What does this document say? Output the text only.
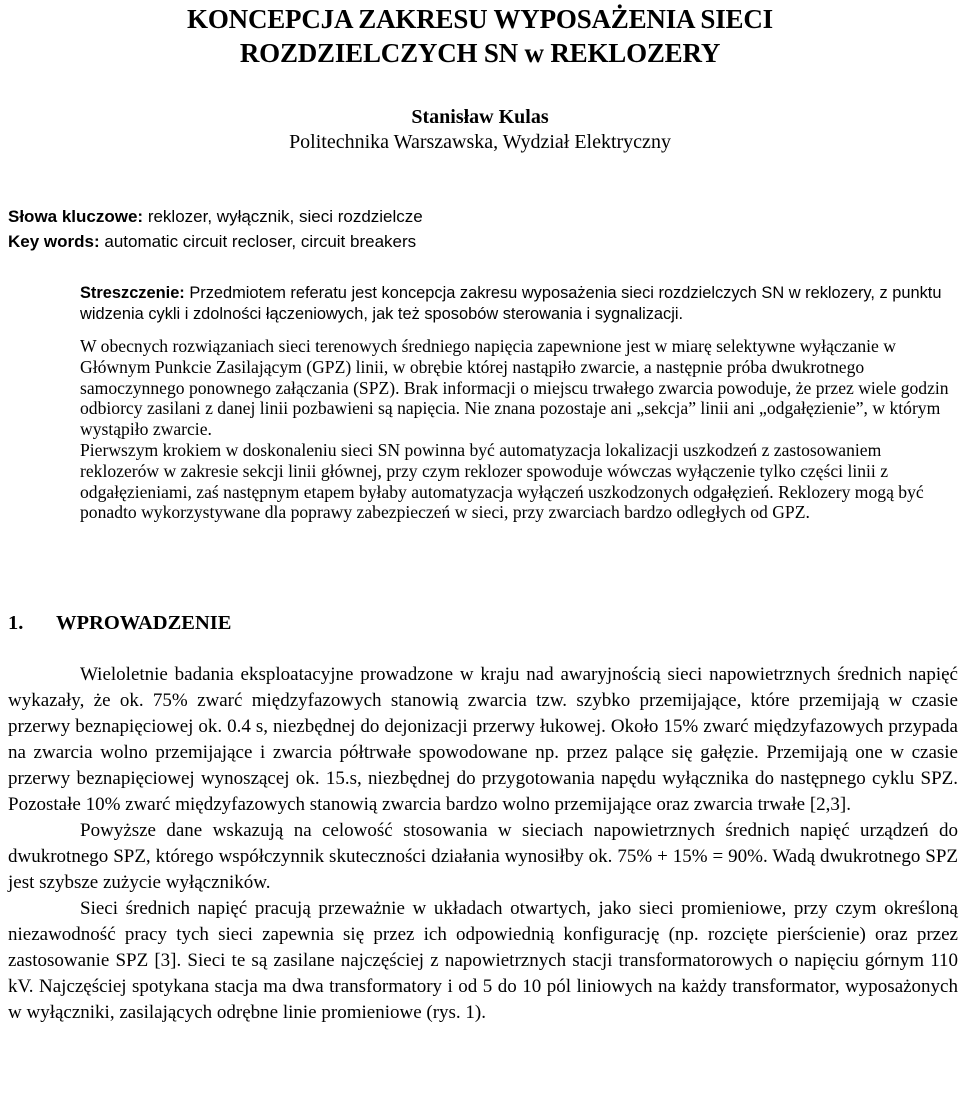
KONCEPCJA ZAKRESU WYPOSAŻENIA SIECI
ROZDZIELCZYCH SN w REKLOZERY
Stanisław Kulas
Politechnika Warszawska, Wydział Elektryczny
Słowa kluczowe: reklozer, wyłącznik, sieci rozdzielcze
Key words: automatic circuit recloser, circuit breakers
Streszczenie: Przedmiotem referatu jest koncepcja zakresu wyposażenia sieci rozdzielczych SN w reklozery, z punktu widzenia cykli i zdolności łączeniowych, jak też sposobów sterowania i sygnalizacji.

W obecnych rozwiązaniach sieci terenowych średniego napięcia zapewnione jest w miarę selektywne wyłączanie w Głównym Punkcie Zasilającym (GPZ) linii, w obrębie której nastąpiło zwarcie, a następnie próba dwukrotnego samoczynnego ponownego załączania (SPZ). Brak informacji o miejscu trwałego zwarcia powoduje, że przez wiele godzin odbiorcy zasilani z danej linii pozbawieni są napięcia. Nie znana pozostaje ani „sekcja” linii ani „odgałęzienie”, w którym wystąpiło zwarcie.

Pierwszym krokiem w doskonaleniu sieci SN powinna być automatyzacja lokalizacji uszkodzeń z zastosowaniem reklozerów w zakresie sekcji linii głównej, przy czym reklozer spowoduje wówczas wyłączenie tylko części linii z odgałęzieniami, zaś następnym etapem byłaby automatyzacja wyłączeń uszkodzonych odgałęzień. Reklozery mogą być ponadto wykorzystywane dla poprawy zabezpieczeń w sieci, przy zwarciach bardzo odległych od GPZ.

1. WPROWADZENIE

Wieloletnie badania eksploatacyjne prowadzone w kraju nad awaryjnością sieci napowietrznych średnich napięć wykazały, że ok. 75% zwarć międzyfazowych stanowią zwarcia tzw. szybko przemijające, które przemijają w czasie przerwy beznapięciowej ok. 0.4 s, niezbędnej do dejonizacji przerwy łukowej. Około 15% zwarć międzyfazowych przypada na zwarcia wolno przemijające i zwarcia półtrwałe spowodowane np. przez palące się gałęzie. Przemijają one w czasie przerwy beznapięciowej wynoszącej ok. 15.s, niezbędnej do przygotowania napędu wyłącznika do następnego cyklu SPZ. Pozostałe 10% zwarć międzyfazowych stanowią zwarcia bardzo wolno przemijające oraz zwarcia trwałe [2,3].

Powyższe dane wskazują na celowość stosowania w sieciach napowietrznych średnich napięć urządzeń do dwukrotnego SPZ, którego współczynnik skuteczności działania wynosiłby ok. 75% + 15% = 90%. Wadą dwukrotnego SPZ jest szybsze zużycie wyłączników.

Sieci średnich napięć pracują przeważnie w układach otwartych, jako sieci promieniowe, przy czym określoną niezawodność pracy tych sieci zapewnia się przez ich odpowiednią konfigurację (np. rozcięte pierścienie) oraz przez zastosowanie SPZ [3]. Sieci te są zasilane najczęściej z napowietrznych stacji transformatorowych o napięciu górnym 110 kV. Najczęściej spotykana stacja ma dwa transformatory i od 5 do 10 pól liniowych na każdy transformator, wyposażonych w wyłączniki, zasilających odrębne linie promieniowe (rys. 1).
